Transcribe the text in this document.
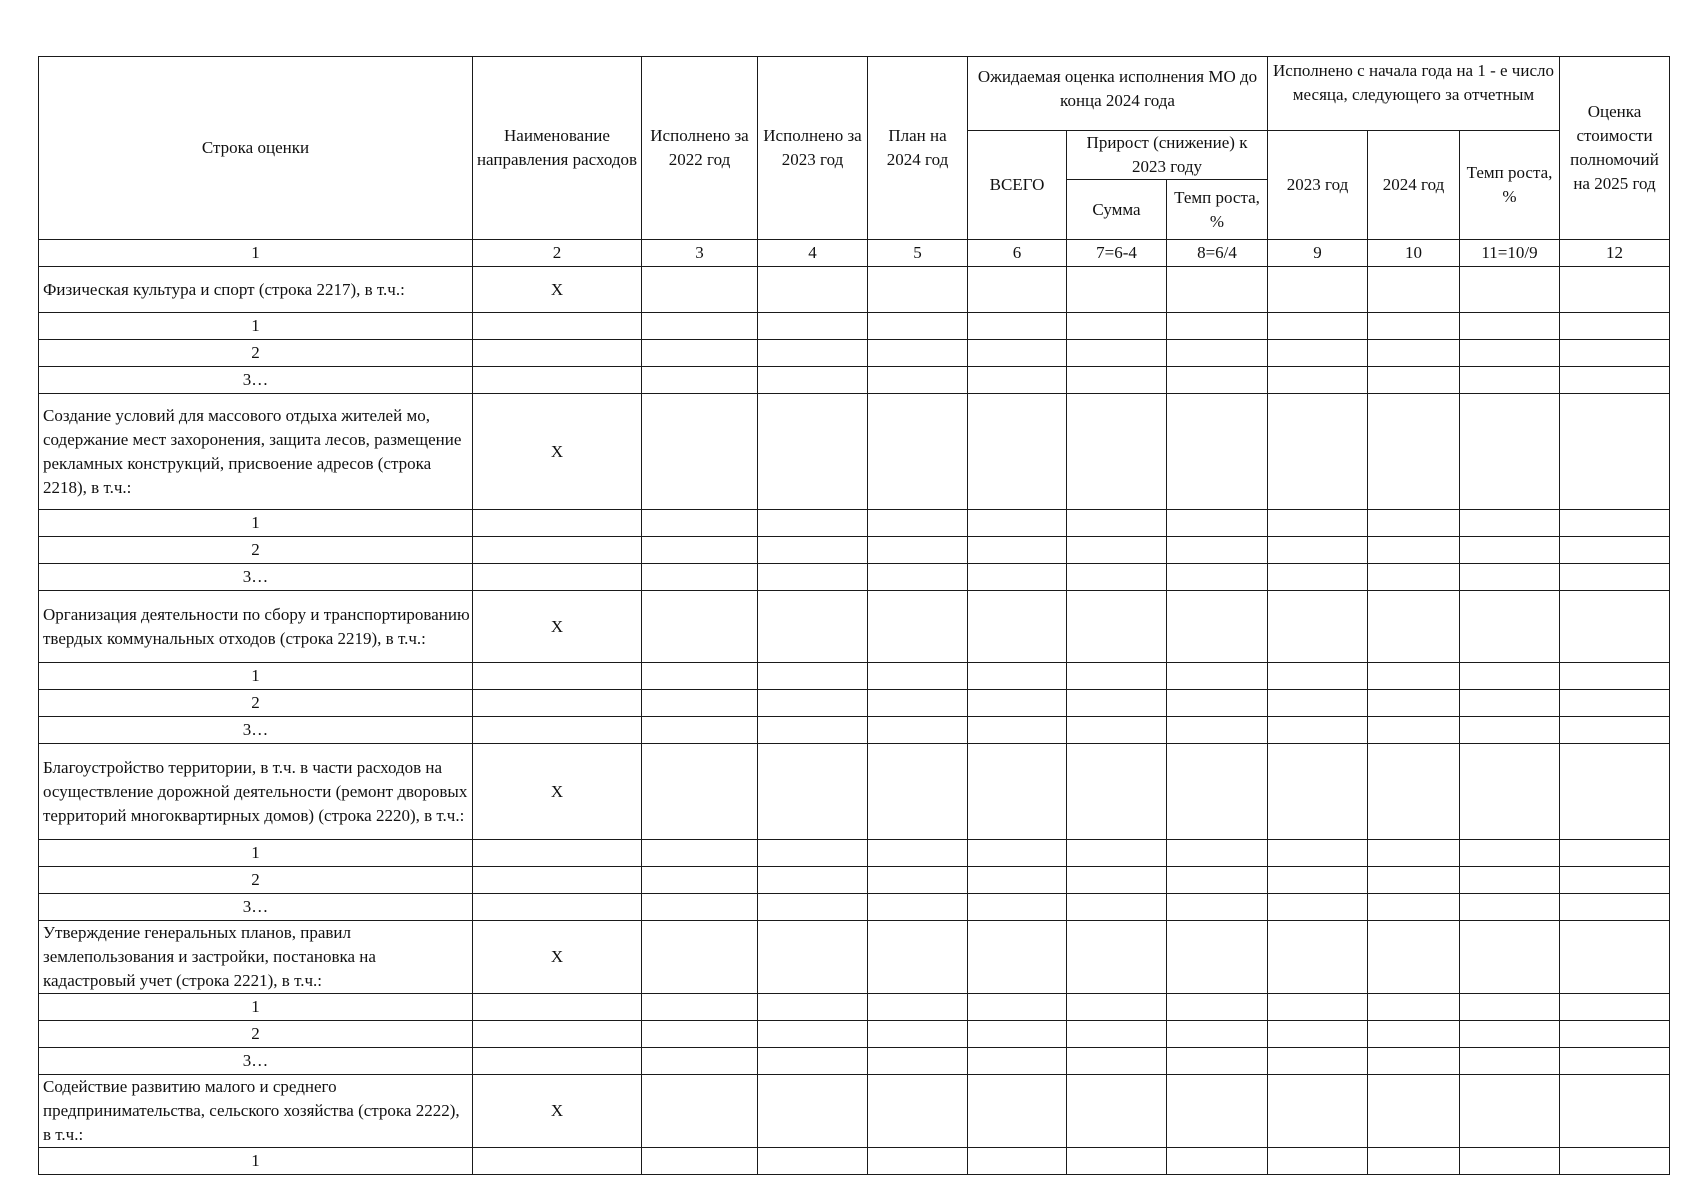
Строка оценки	Наименование направления расходов	Исполнено за 2022 год	Исполнено за 2023 год	План на 2024 год	Ожидаемая оценка исполнения МО до конца 2024 года			Исполнено с начала года на 1 - е число месяца, следующего за отчетным			Оценка стоимости полномочий на 2025 год
					ВСЕГО	Прирост (снижение) к 2023 году		2023 год	2024 год	Темп роста, %	
						Сумма	Темп роста, %				
1	2	3	4	5	6	7=6-4	8=6/4	9	10	11=10/9	12
Физическая культура и спорт (строка 2217), в т.ч.:	X										
1											
2											
3…											
Создание условий для массового отдыха жителей мо, содержание мест захоронения, защита лесов, размещение рекламных конструкций, присвоение адресов (строка 2218), в т.ч.:	X										
1											
2											
3…											
Организация деятельности по сбору и транспортированию твердых коммунальных отходов (строка 2219), в т.ч.:	X										
1											
2											
3…											
Благоустройство территории, в т.ч. в части расходов на осуществление дорожной деятельности (ремонт дворовых территорий многоквартирных домов) (строка 2220), в т.ч.:	X										
1											
2											
3…											
Утверждение генеральных планов, правил землепользования и застройки, постановка на кадастровый учет (строка 2221), в т.ч.:	X										
1											
2											
3…											
Содействие развитию малого и среднего предпринимательства, сельского хозяйства (строка 2222), в т.ч.:	X										
1											
